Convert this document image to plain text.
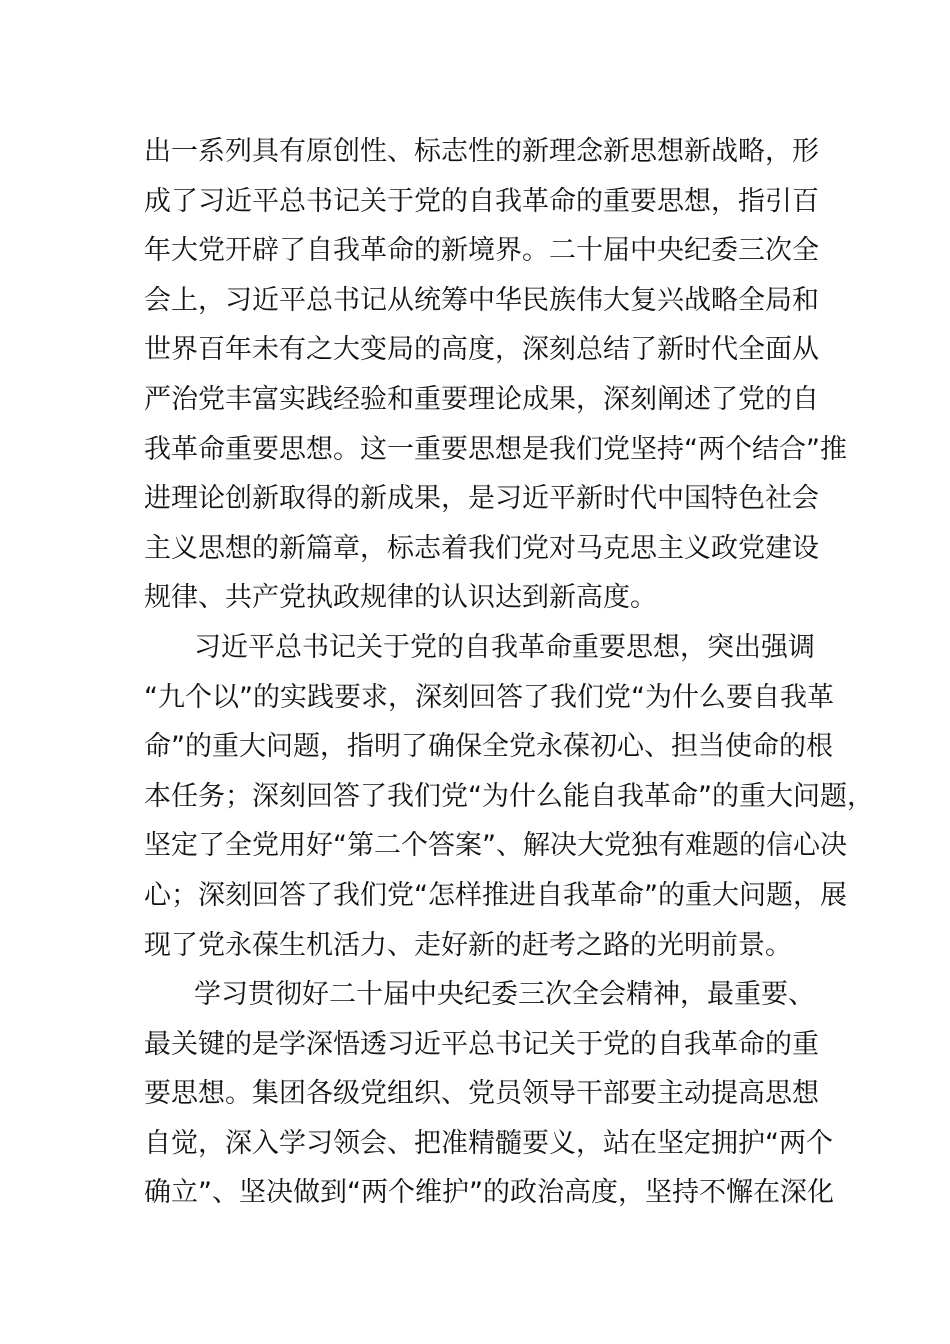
出一系列具有原创性、标志性的新理念新思想新战略，形
成了习近平总书记关于党的自我革命的重要思想，指引百
年大党开辟了自我革命的新境界。二十届中央纪委三次全
会上，习近平总书记从统筹中华民族伟大复兴战略全局和
世界百年未有之大变局的高度，深刻总结了新时代全面从
严治党丰富实践经验和重要理论成果，深刻阐述了党的自
我革命重要思想。这一重要思想是我们党坚持“两个结合”推
进理论创新取得的新成果，是习近平新时代中国特色社会
主义思想的新篇章，标志着我们党对马克思主义政党建设
规律、共产党执政规律的认识达到新高度。
习近平总书记关于党的自我革命重要思想，突出强调
“九个以”的实践要求，深刻回答了我们党“为什么要自我革
命”的重大问题，指明了确保全党永葆初心、担当使命的根
本任务；深刻回答了我们党“为什么能自我革命”的重大问题，
坚定了全党用好“第二个答案”、解决大党独有难题的信心决
心；深刻回答了我们党“怎样推进自我革命”的重大问题，展
现了党永葆生机活力、走好新的赶考之路的光明前景。
学习贯彻好二十届中央纪委三次全会精神，最重要、
最关键的是学深悟透习近平总书记关于党的自我革命的重
要思想。集团各级党组织、党员领导干部要主动提高思想
自觉，深入学习领会、把准精髓要义，站在坚定拥护“两个
确立”、坚决做到“两个维护”的政治高度，坚持不懈在深化
